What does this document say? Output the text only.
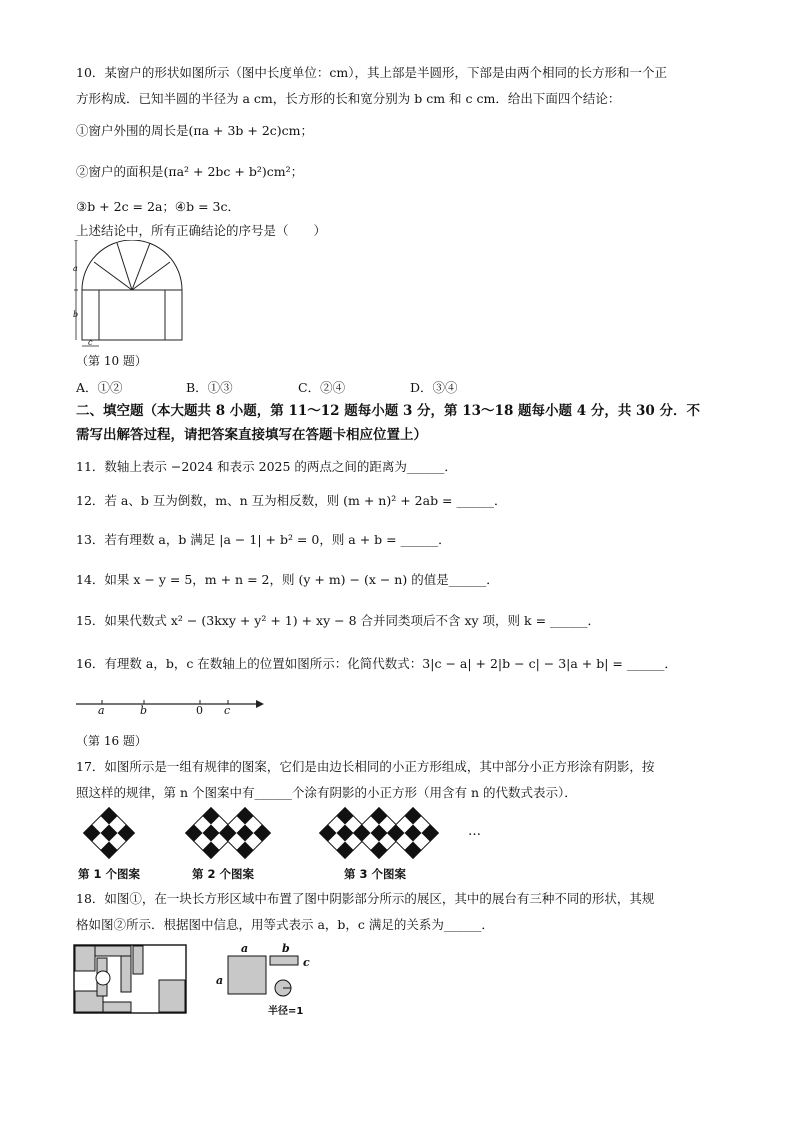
10．某窗户的形状如图所示（图中长度单位：cm），其上部是半圆形，下部是由两个相同的长方形和一个正
方形构成．已知半圆的半径为 a cm，长方形的长和宽分别为 b cm 和 c cm．给出下面四个结论：
①窗户外围的周长是(πa + 3b + 2c)cm；
②窗户的面积是(πa² + 2bc + b²)cm²；
③b + 2c = 2a；④b = 3c．
上述结论中，所有正确结论的序号是（　　）
a
b
c
（第 10 题）
A．①②	B．①③	C．②④	D．③④
二、填空题（本大题共 8 小题，第 11～12 题每小题 3 分，第 13～18 题每小题 4 分，共 30 分．不
需写出解答过程，请把答案直接填写在答题卡相应位置上）
11．数轴上表示 −2024 和表示 2025 的两点之间的距离为______．
12．若 a、b 互为倒数，m、n 互为相反数，则 (m + n)² + 2ab = ______．
13．若有理数 a，b 满足 |a − 1| + b² = 0，则 a + b = ______．
14．如果 x − y = 5，m + n = 2，则 (y + m) − (x − n) 的值是______．
15．如果代数式 x² − (3kxy + y² + 1) + xy − 8 合并同类项后不含 xy 项，则 k = ______．
16．有理数 a，b，c 在数轴上的位置如图所示：化简代数式：3|c − a| + 2|b − c| − 3|a + b| = ______．
a	b	0 c
（第 16 题）
17．如图所示是一组有规律的图案，它们是由边长相同的小正方形组成，其中部分小正方形涂有阴影，按
照这样的规律，第 n 个图案中有______个涂有阴影的小正方形（用含有 n 的代数式表示）．
…
第 1 个图案	第 2 个图案	第 3 个图案
18．如图①，在一块长方形区域中布置了图中阴影部分所示的展区，其中的展台有三种不同的形状，其规
格如图②所示．根据图中信息，用等式表示 a，b，c 满足的关系为______．
a
a
b
c
半径=1
